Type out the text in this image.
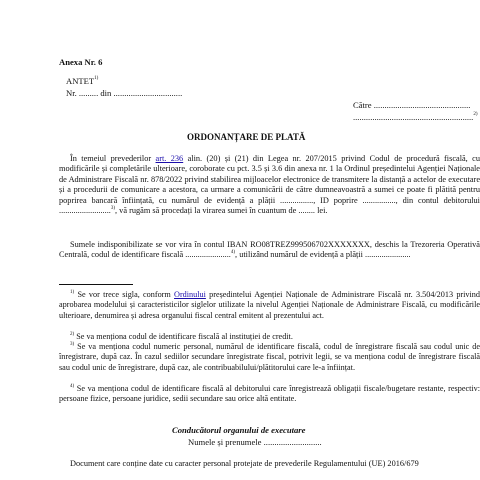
Anexa Nr. 6
ANTET$^{1)}$
Nr. ......... din ................................
Către .............................................
........................................................$^{2)}$
ORDONANȚARE DE PLATĂ
În temeiul prevederilor art. 236 alin. (20) și (21) din Legea nr. 207/2015 privind Codul de procedură fiscală, cu modificările și completările ulterioare, coroborate cu pct. 3.5 și 3.6 din anexa nr. 1 la Ordinul președintelui Agenției Naționale de Administrare Fiscală nr. 878/2022 privind stabilirea mijloacelor electronice de transmitere la distanță a actelor de executare și a procedurii de comunicare a acestora, ca urmare a comunicării de către dumneavoastră a sumei ce poate fi plătită pentru poprirea bancară înființată, cu numărul de evidență a plății ................, ID poprire ................, din contul debitorului .........................$^{3)}$, vă rugăm să procedați la virarea sumei în cuantum de ........ lei.
Sumele indisponibilizate se vor vira în contul IBAN RO08TREZ999506702XXXXXXX, deschis la Trezoreria Operativă Centrală, codul de identificare fiscală ......................$^{4)}$, utilizând numărul de evidență a plății ......................
$^{1)}$ Se vor trece sigla, conform Ordinului președintelui Agenției Naționale de Administrare Fiscală nr. 3.504/2013 privind aprobarea modelului și caracteristicilor siglelor utilizate la nivelul Agenției Naționale de Administrare Fiscală, cu modificările ulterioare, denumirea și adresa organului fiscal central emitent al prezentului act.
$^{2)}$ Se va menționa codul de identificare fiscală al instituției de credit.
$^{3)}$ Se va menționa codul numeric personal, numărul de identificare fiscală, codul de înregistrare fiscală sau codul unic de înregistrare, după caz. În cazul sediilor secundare înregistrate fiscal, potrivit legii, se va menționa codul de înregistrare fiscală sau codul unic de înregistrare, după caz, ale contribuabilului/plătitorului care le-a înființat.
$^{4)}$ Se va menționa codul de identificare fiscală al debitorului care înregistrează obligații fiscale/bugetare restante, respectiv: persoane fizice, persoane juridice, sedii secundare sau orice altă entitate.
Conducătorul organului de executare
Numele și prenumele ...........................
Document care conține date cu caracter personal protejate de prevederile Regulamentului (UE) 2016/679
